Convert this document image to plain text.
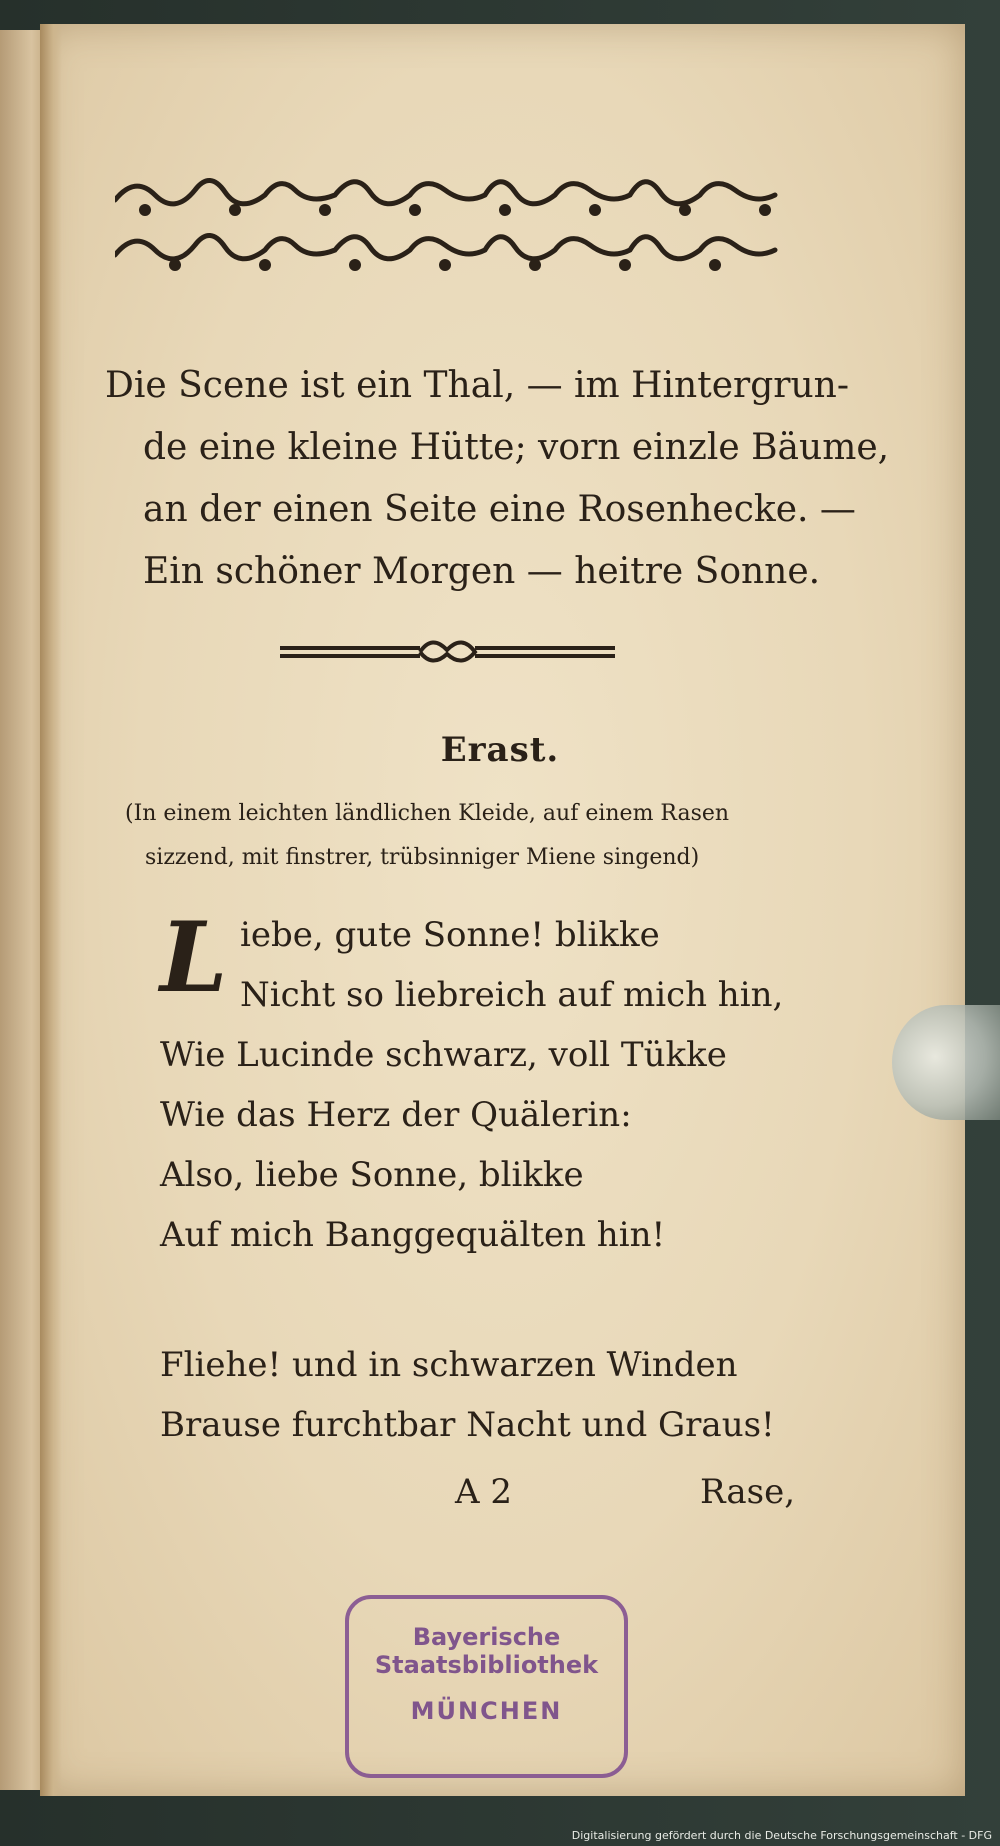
Die Scene ist ein Thal, — im Hintergrun-
de eine kleine Hütte; vorn einzle Bäume,
an der einen Seite eine Rosenhecke. —
Ein schöner Morgen — heitre Sonne.
Erast.
(In einem leichten ländlichen Kleide, auf einem Rasen
sizzend, mit finstrer, trübsinniger Miene singend)
L iebe, gute Sonne! blikke
Nicht so liebreich auf mich hin,
Wie Lucinde schwarz, voll Tükke
Wie das Herz der Quälerin:
Also, liebe Sonne, blikke
Auf mich Banggequälten hin!
Fliehe! und in schwarzen Winden
Brause furchtbar Nacht und Graus!
A 2	Rase,
Bayerische
Staatsbibliothek
MÜNCHEN
Digitalisierung gefördert durch die Deutsche Forschungsgemeinschaft - DFG
